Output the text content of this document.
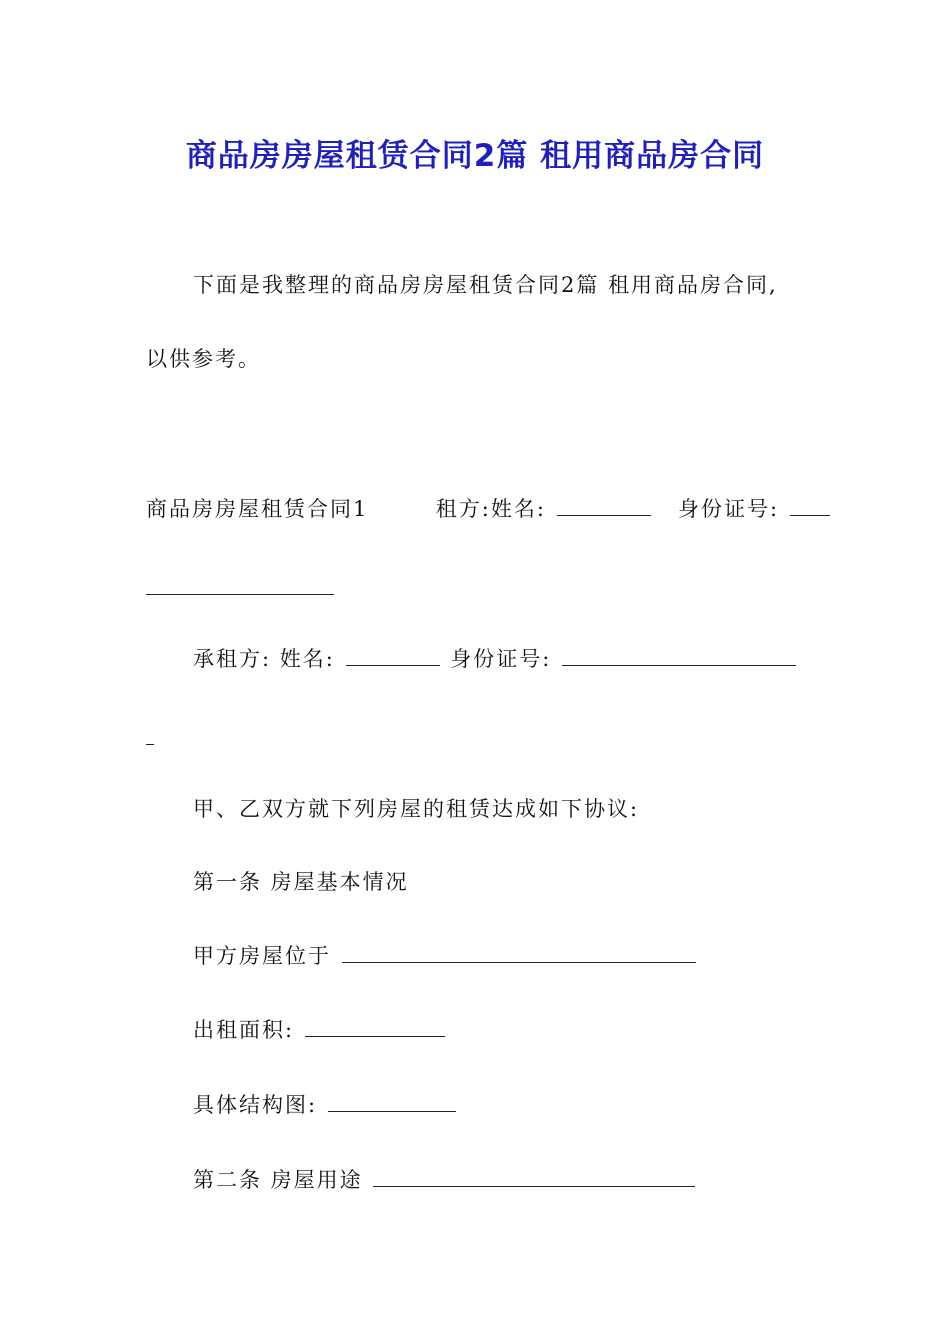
商品房房屋租赁合同2篇 租用商品房合同
下面是我整理的商品房房屋租赁合同2篇 租用商品房合同,
以供参考。
商品房房屋租赁合同1	租方:姓名:	身份证号:
承租方: 姓名:	身份证号:
甲、乙双方就下列房屋的租赁达成如下协议:
第一条 房屋基本情况
甲方房屋位于
出租面积:
具体结构图:
第二条 房屋用途
